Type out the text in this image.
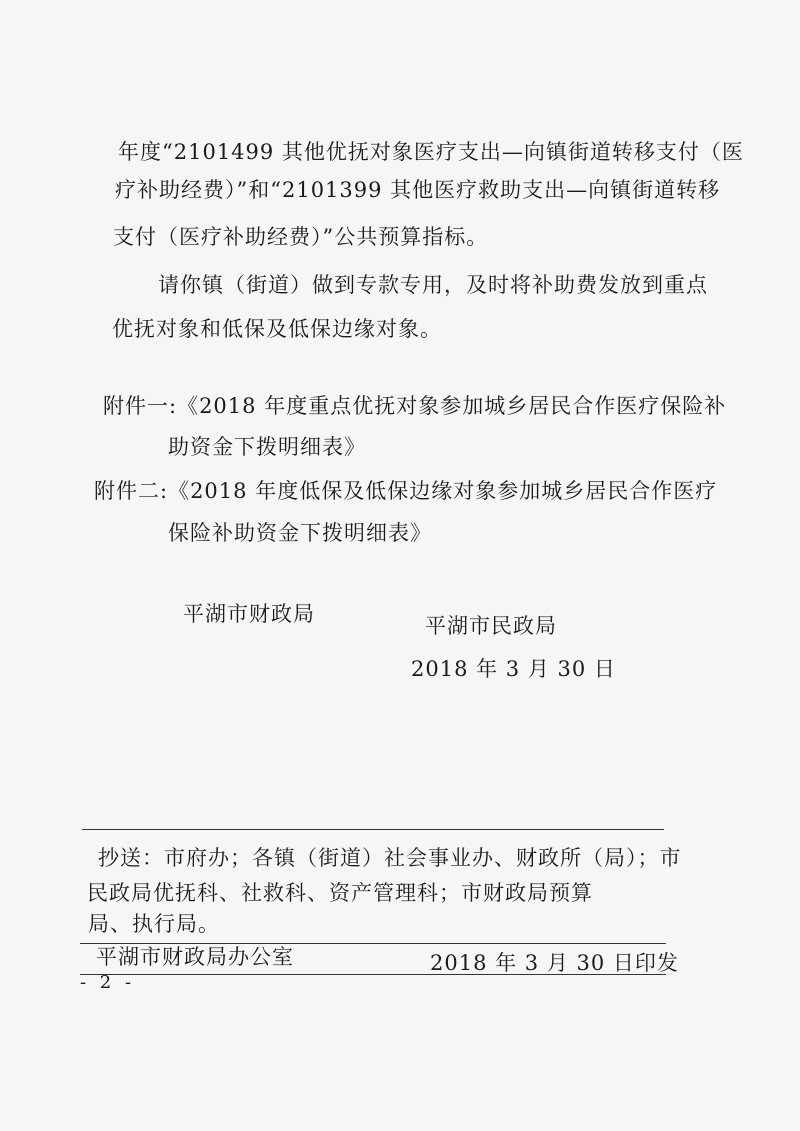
年度“2101499 其他优抚对象医疗支出—向镇街道转移支付（医
疗补助经费）”和“2101399 其他医疗救助支出—向镇街道转移
支付（医疗补助经费）”公共预算指标。
请你镇（街道）做到专款专用，及时将补助费发放到重点
优抚对象和低保及低保边缘对象。
附件一:《2018 年度重点优抚对象参加城乡居民合作医疗保险补
助资金下拨明细表》
附件二:《2018 年度低保及低保边缘对象参加城乡居民合作医疗
保险补助资金下拨明细表》
平湖市财政局	平湖市民政局
2018 年 3 月 30 日
抄送：市府办；各镇（街道）社会事业办、财政所（局）；市
民政局优抚科、社救科、资产管理科；市财政局预算
局、执行局。
平湖市财政局办公室	2018 年 3 月 30 日印发
- 2 -
